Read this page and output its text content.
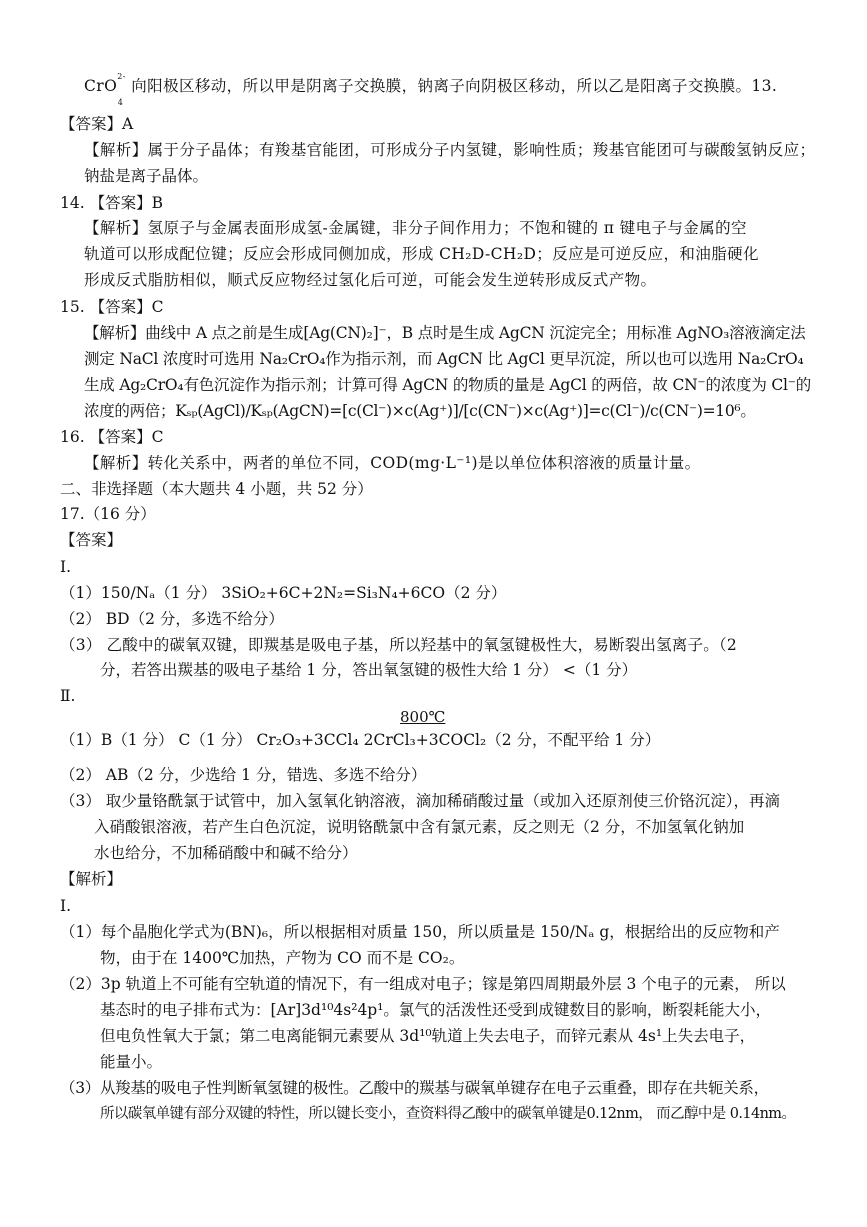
CrO$^{2-}_4$向阳极区移动，所以甲是阴离子交换膜，钠离子向阴极区移动，所以乙是阳离子交换膜。13.
【答案】A
【解析】属于分子晶体；有羧基官能团，可形成分子内氢键，影响性质；羧基官能团可与碳酸氢钠反应；
钠盐是离子晶体。
14. 【答案】B
【解析】氢原子与金属表面形成氢-金属键，非分子间作用力；不饱和键的 π 键电子与金属的空
轨道可以形成配位键；反应会形成同侧加成，形成 CH₂D-CH₂D；反应是可逆反应，和油脂硬化
形成反式脂肪相似，顺式反应物经过氢化后可逆，可能会发生逆转形成反式产物。
15. 【答案】C
【解析】曲线中 A 点之前是生成[Ag(CN)₂]⁻，B 点时是生成 AgCN 沉淀完全；用标准 AgNO₃溶液滴定法
测定 NaCl 浓度时可选用 Na₂CrO₄作为指示剂，而 AgCN 比 AgCl 更早沉淀，所以也可以选用 Na₂CrO₄
生成 Ag₂CrO₄有色沉淀作为指示剂；计算可得 AgCN 的物质的量是 AgCl 的两倍，故 CN⁻的浓度为 Cl⁻的
浓度的两倍；Kₛₚ(AgCl)/Kₛₚ(AgCN)=[c(Cl⁻)×c(Ag⁺)]/[c(CN⁻)×c(Ag⁺)]=c(Cl⁻)/c(CN⁻)=10⁶。
16. 【答案】C
【解析】转化关系中，两者的单位不同，COD(mg·L⁻¹)是以单位体积溶液的质量计量。
二、非选择题（本大题共 4 小题，共 52 分）
17.（16 分）
【答案】
Ⅰ.
（1）150/Nₐ（1 分） 3SiO₂+6C+2N₂=Si₃N₄+6CO（2 分）
（2） BD（2 分，多选不给分）
（3） 乙酸中的碳氧双键，即羰基是吸电子基，所以羟基中的氧氢键极性大，易断裂出氢离子。（2
分，若答出羰基的吸电子基给 1 分，答出氧氢键的极性大给 1 分） <（1 分）
Ⅱ.
800℃
（1）B（1 分） C（1 分） Cr₂O₃+3CCl₄ 2CrCl₃+3COCl₂（2 分，不配平给 1 分）
（2） AB（2 分，少选给 1 分，错选、多选不给分）
（3） 取少量铬酰氯于试管中，加入氢氧化钠溶液，滴加稀硝酸过量（或加入还原剂使三价铬沉淀），再滴
入硝酸银溶液，若产生白色沉淀，说明铬酰氯中含有氯元素，反之则无（2 分，不加氢氧化钠加
水也给分，不加稀硝酸中和碱不给分）
【解析】
Ⅰ.
（1）每个晶胞化学式为(BN)₆，所以根据相对质量 150，所以质量是 150/Nₐ g，根据给出的反应物和产
物，由于在 1400℃加热，产物为 CO 而不是 CO₂。
（2）3p 轨道上不可能有空轨道的情况下，有一组成对电子；镓是第四周期最外层 3 个电子的元素， 所以
基态时的电子排布式为：[Ar]3d¹⁰4s²4p¹。氯气的活泼性还受到成键数目的影响，断裂耗能大小，
但电负性氧大于氯；第二电离能铜元素要从 3d¹⁰轨道上失去电子，而锌元素从 4s¹上失去电子，
能量小。
（3）从羧基的吸电子性判断氧氢键的极性。乙酸中的羰基与碳氧单键存在电子云重叠，即存在共轭关系，
所以碳氧单键有部分双键的特性，所以键长变小，查资料得乙酸中的碳氧单键是0.12nm， 而乙醇中是 0.14nm。
